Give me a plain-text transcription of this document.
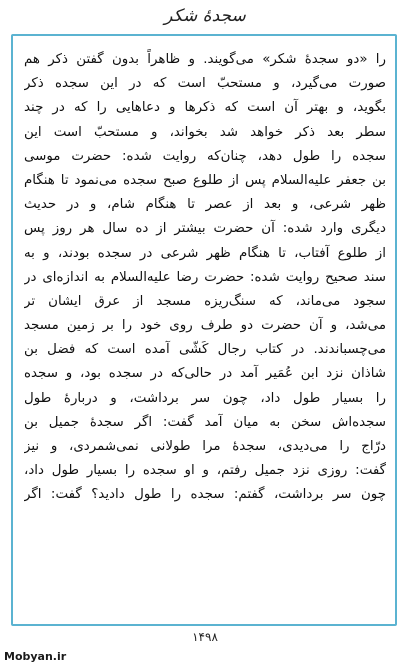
سجدۀ شکر
را «دو سجدۀ شکر» می‌گویند. و ظاهراً بدون گفتن ذکر هم
صورت می‌گیرد، و مستحبّ است که در این سجده ذکر
بگوید، و بهتر آن است که ذکرها و دعاهایی را که در چند
سطر بعد ذکر خواهد شد بخواند، و مستحبّ است این
سجده را طول دهد، چنان‌که روایت شده: حضرت موسی
بن جعفر علیه‌السلام پس از طلوع صبح سجده می‌نمود تا هنگام
ظهر شرعی، و بعد از عصر تا هنگام شام، و در حدیث
دیگری وارد شده: آن حضرت بیشتر از ده سال هر روز پس
از طلوع آفتاب، تا هنگام ظهر شرعی در سجده بودند، و به
سند صحیح روایت شده: حضرت رضا علیه‌السلام به اندازه‌ای در
سجود می‌ماند، که سنگ‌ریزه مسجد از عرق ایشان تر
می‌شد، و آن حضرت دو طرف روی خود را بر زمین مسجد
می‌چسباندند. در کتاب رجال کَشّی آمده است که فضل بن
شاذان نزد ابن عُمَیر آمد در حالی‌که در سجده بود، و سجده
را بسیار طول داد، چون سر برداشت، و دربارۀ طول
سجده‌اش سخن به میان آمد گفت: اگر سجدۀ جمیل بن
درّاج را می‌دیدی، سجدۀ مرا طولانی نمی‌شمردی، و نیز
گفت: روزی نزد جمیل رفتم، و او سجده را بسیار طول داد،
چون سر برداشت، گفتم: سجده را طول دادید؟ گفت: اگر
۱۴۹۸
Mobyan.ir
